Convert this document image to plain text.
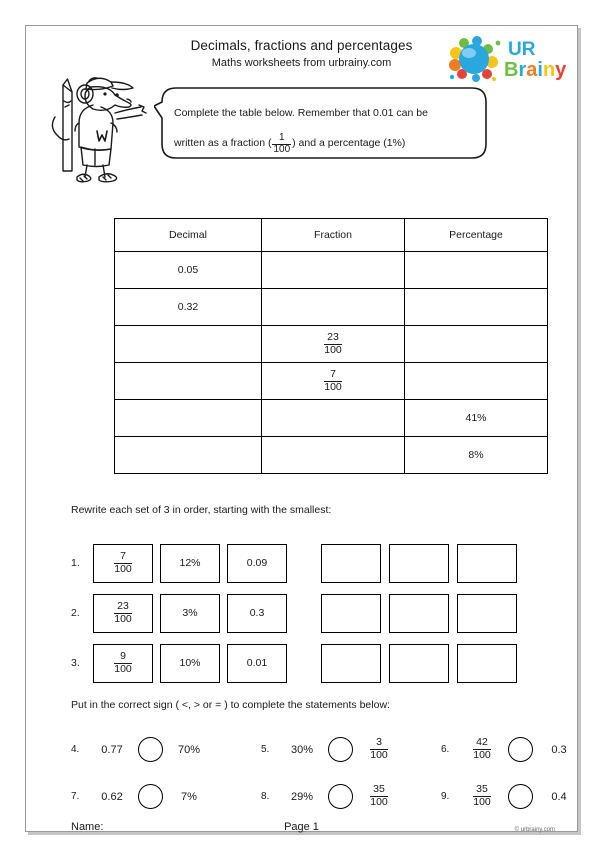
Decimals, fractions and percentages
Maths worksheets from urbrainy.com
UR
Brainy
Complete the table below. Remember that 0.01 can be
written as a fraction ( $\frac{1}{100}$ ) and a percentage (1%)
Decimal	Fraction	Percentage
0.05		
0.32		

	$\frac{23}{100}$

	$\frac{7}{100}$

		41%
		8%
Rewrite each set of 3 in order, starting with the smallest:
1.	$\frac{7}{100}$	12%	0.09
2.	$\frac{23}{100}$	3%	0.3
3.	$\frac{9}{100}$	10%	0.01
Put in the correct sign ( <, > or = ) to complete the statements below:
4.	0.77	70%	5.	30%	$\frac{3}{100}$	6.	$\frac{42}{100}$	0.3
7.	0.62	7%	8.	29%	$\frac{35}{100}$	9.	$\frac{35}{100}$	0.4
Name:	Page 1	© urbrainy.com
